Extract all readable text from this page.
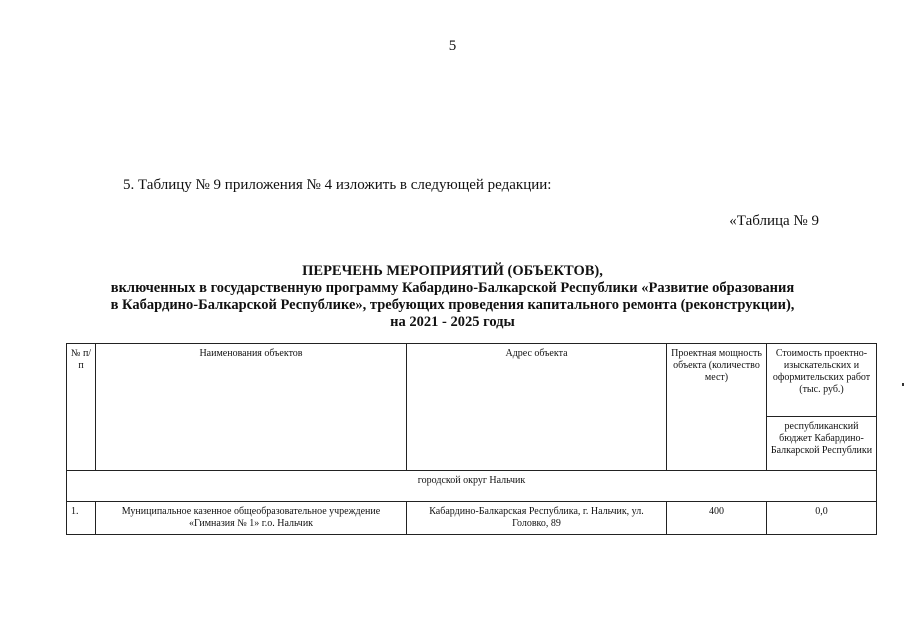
5
5. Таблицу № 9 приложения № 4 изложить в следующей редакции:
«Таблица № 9
ПЕРЕЧЕНЬ МЕРОПРИЯТИЙ (ОБЪЕКТОВ),
включенных в государственную программу Кабардино-Балкарской Республики «Развитие образования
в Кабардино-Балкарской Республике», требующих проведения капитального ремонта (реконструкции),
на 2021 - 2025 годы
№ п/п	Наименования объектов	Адрес объекта	Проектная мощность объекта (количество мест)	Стоимость проектно-изыскательских и оформительских работ (тыс. руб.)
				республиканский бюджет Кабардино-Балкарской Республики
городской округ Нальчик				
1.	Муниципальное казенное общеобразовательное учреждение «Гимназия № 1» г.о. Нальчик	Кабардино-Балкарская Республика, г. Нальчик, ул. Головко, 89	400	0,0
